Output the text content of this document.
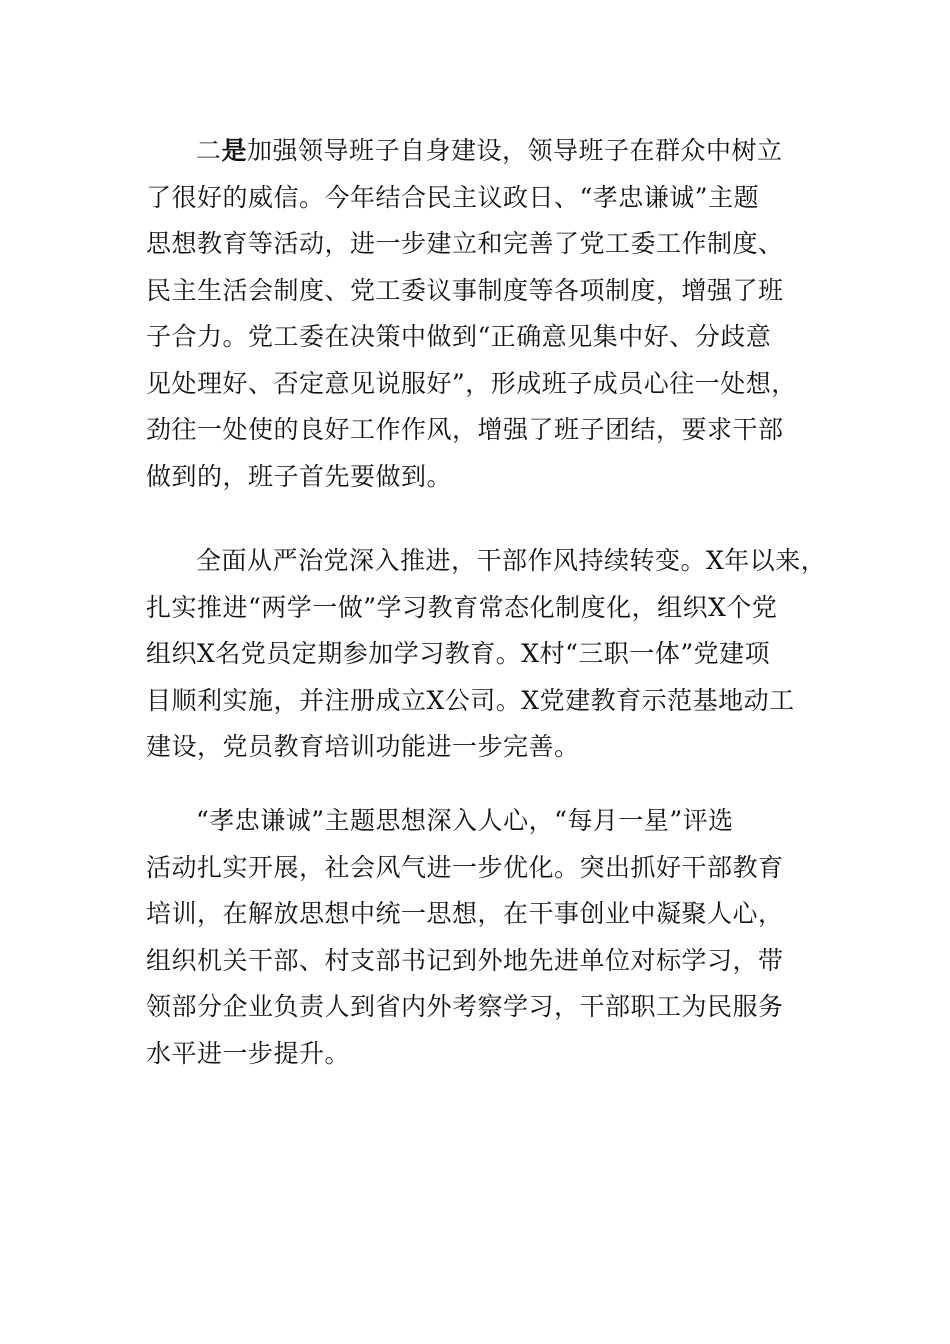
二是加强领导班子自身建设，领导班子在群众中树立
了很好的威信。今年结合民主议政日、“孝忠谦诚”主题
思想教育等活动，进一步建立和完善了党工委工作制度、
民主生活会制度、党工委议事制度等各项制度，增强了班
子合力。党工委在决策中做到“正确意见集中好、分歧意
见处理好、否定意见说服好”，形成班子成员心往一处想，
劲往一处使的良好工作作风，增强了班子团结，要求干部
做到的，班子首先要做到。
全面从严治党深入推进，干部作风持续转变。X年以来，
扎实推进“两学一做”学习教育常态化制度化，组织X个党
组织X名党员定期参加学习教育。X村“三职一体”党建项
目顺利实施，并注册成立X公司。X党建教育示范基地动工
建设，党员教育培训功能进一步完善。
“孝忠谦诚”主题思想深入人心，“每月一星”评选
活动扎实开展，社会风气进一步优化。突出抓好干部教育
培训，在解放思想中统一思想，在干事创业中凝聚人心，
组织机关干部、村支部书记到外地先进单位对标学习，带
领部分企业负责人到省内外考察学习，干部职工为民服务
水平进一步提升。
